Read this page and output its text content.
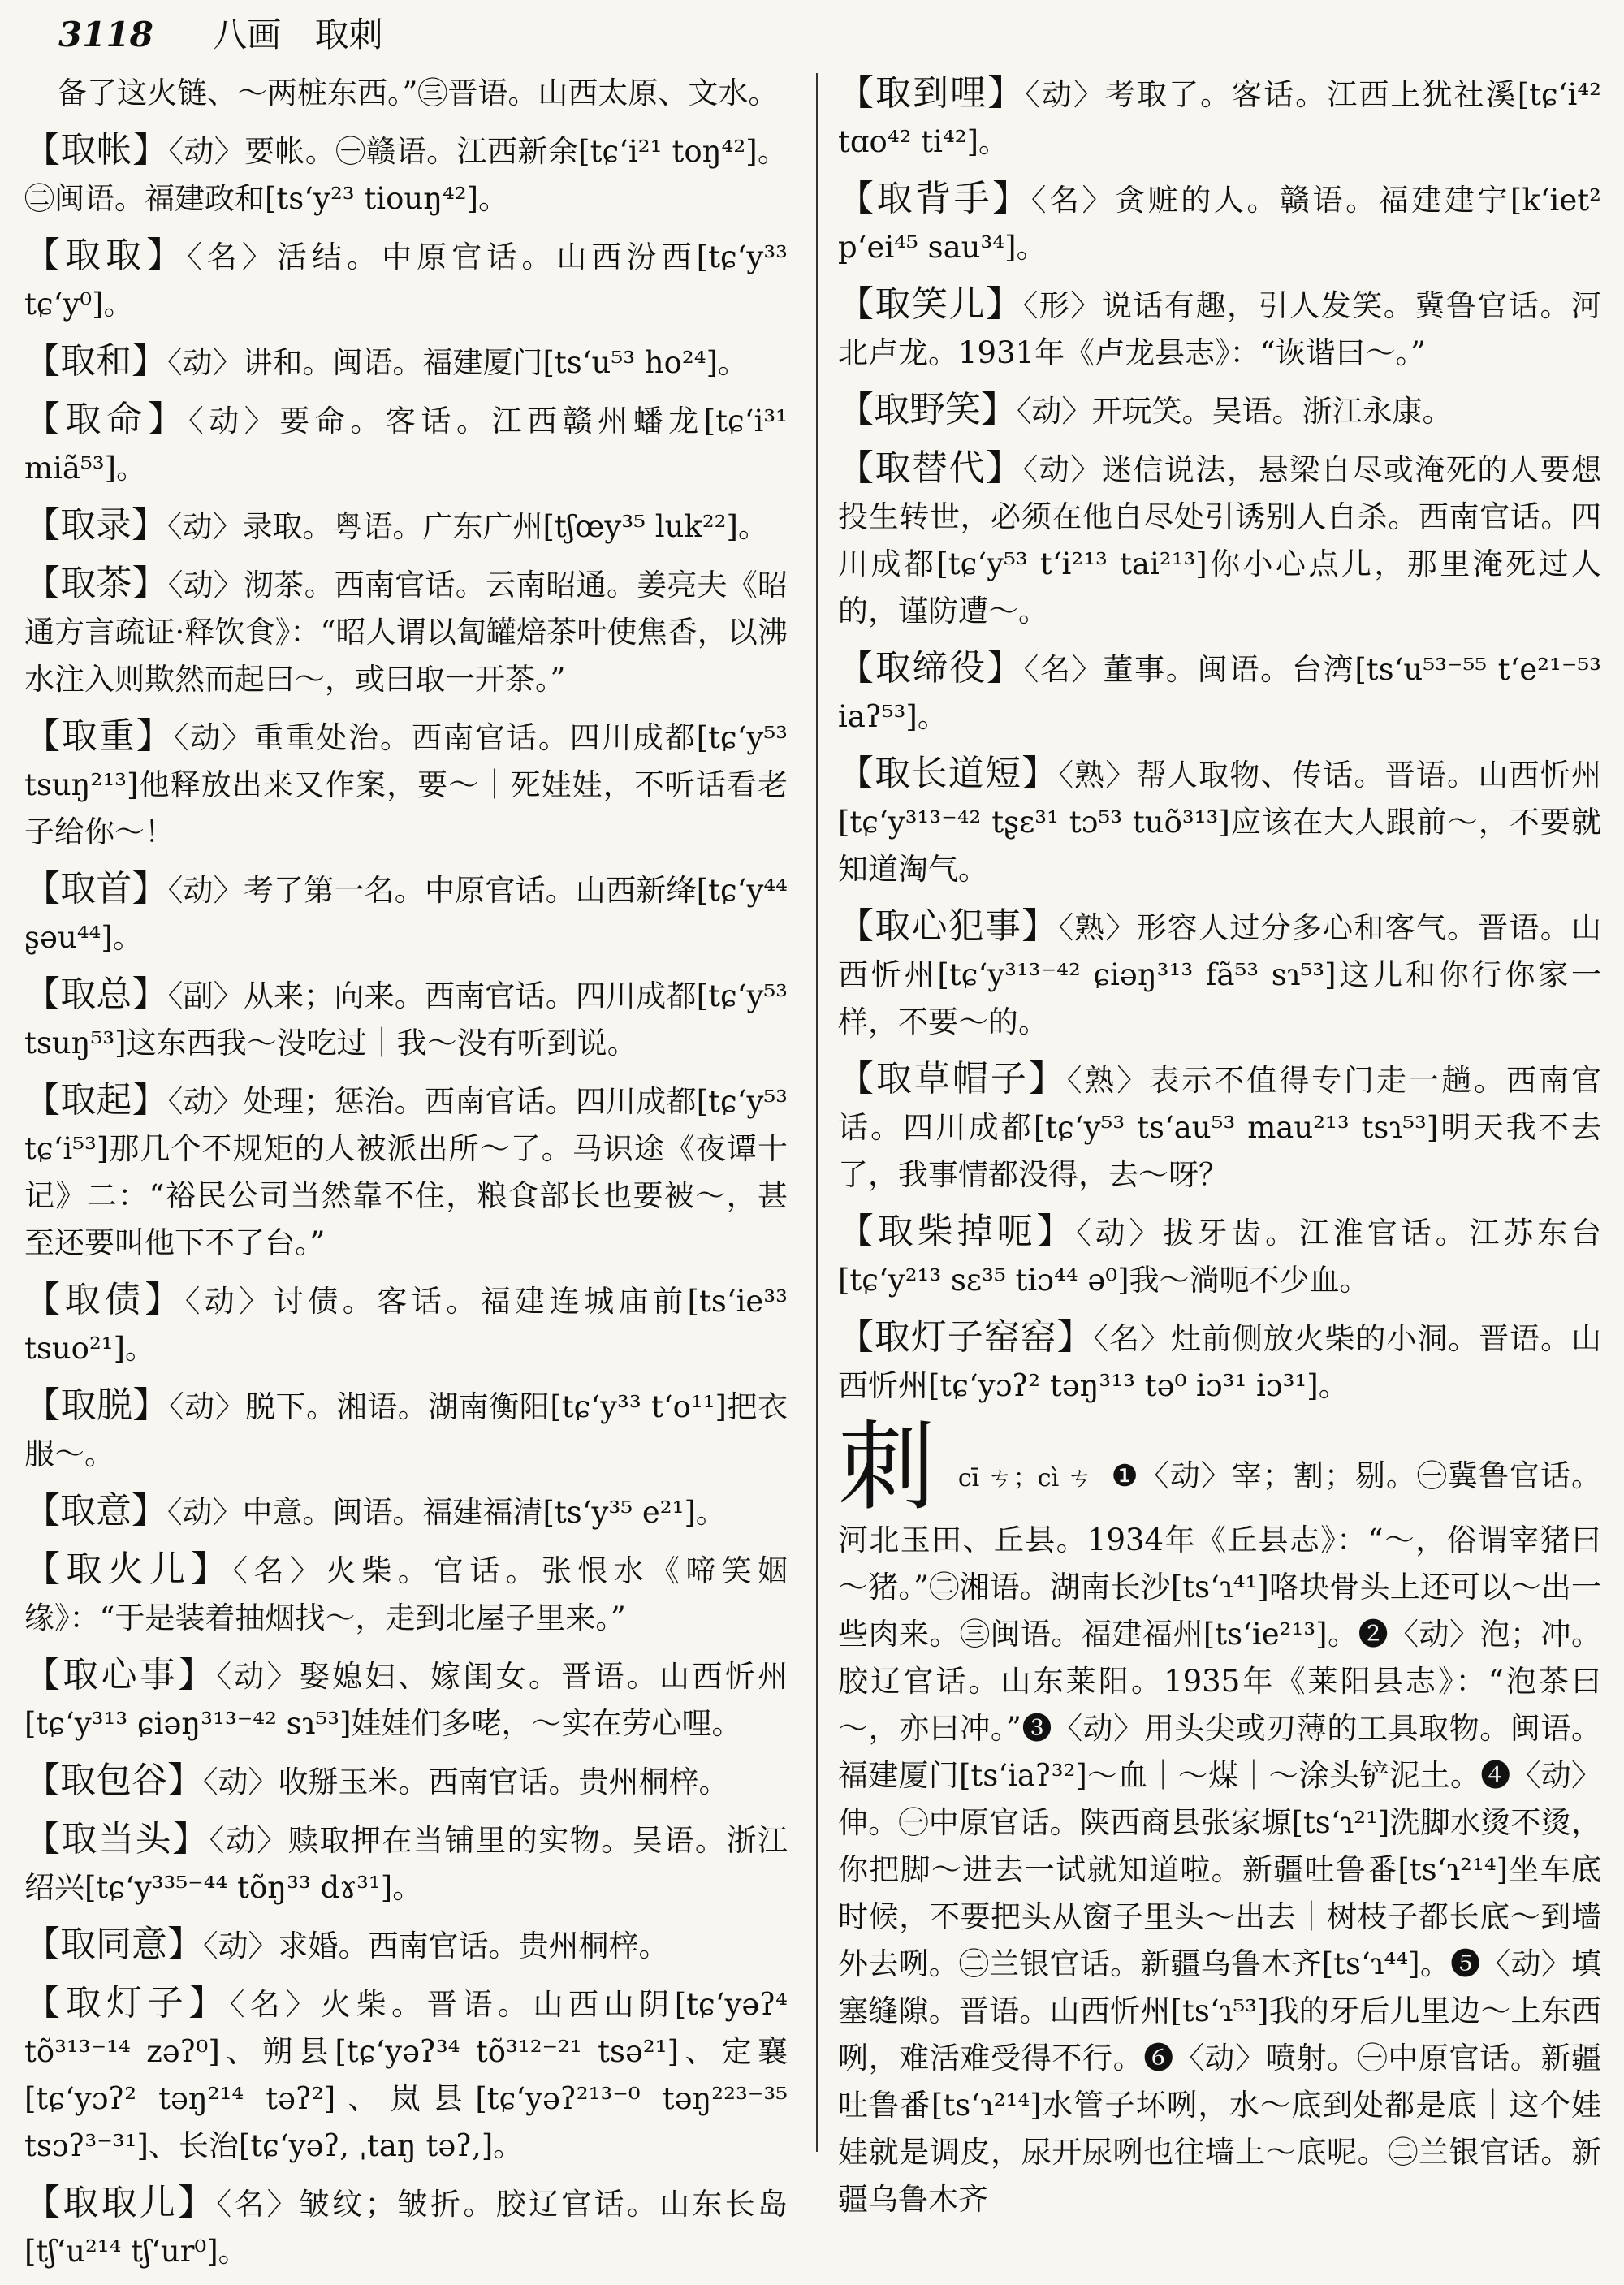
3118 八画 取刺

备了这火链、～两桩东西。”㊂晋语。山西太原、文水。

【取帐】〈动〉要帐。㊀赣语。江西新余[tɕʻi²¹ toŋ⁴²]。㊁闽语。福建政和[tsʻy²³ tiouŋ⁴²]。

【取取】〈名〉活结。中原官话。山西汾西[tɕʻy³³ tɕʻy⁰]。

【取和】〈动〉讲和。闽语。福建厦门[tsʻu⁵³ ho²⁴]。

【取命】〈动〉要命。客话。江西赣州蟠龙[tɕʻi³¹ miã⁵³]。

【取录】〈动〉录取。粤语。广东广州[tʃœy³⁵ luk²²]。

【取茶】〈动〉沏茶。西南官话。云南昭通。姜亮夫《昭通方言疏证·释饮食》：“昭人谓以匐罐焙茶叶使焦香，以沸水注入则欺然而起曰～，或曰取一开茶。”

【取重】〈动〉重重处治。西南官话。四川成都[tɕʻy⁵³ tsuŋ²¹³]他释放出来又作案，要～｜死娃娃，不听话看老子给你～！

【取首】〈动〉考了第一名。中原官话。山西新绛[tɕʻy⁴⁴ ʂəu⁴⁴]。

【取总】〈副〉从来；向来。西南官话。四川成都[tɕʻy⁵³ tsuŋ⁵³]这东西我～没吃过｜我～没有听到说。

【取起】〈动〉处理；惩治。西南官话。四川成都[tɕʻy⁵³ tɕʻi⁵³]那几个不规矩的人被派出所～了。马识途《夜谭十记》二：“裕民公司当然靠不住，粮食部长也要被～，甚至还要叫他下不了台。”

【取债】〈动〉讨债。客话。福建连城庙前[tsʻie³³ tsuo²¹]。

【取脱】〈动〉脱下。湘语。湖南衡阳[tɕʻy³³ tʻo¹¹]把衣服～。

【取意】〈动〉中意。闽语。福建福清[tsʻy³⁵ e²¹]。

【取火儿】〈名〉火柴。官话。张恨水《啼笑姻缘》：“于是装着抽烟找～，走到北屋子里来。”

【取心事】〈动〉娶媳妇、嫁闺女。晋语。山西忻州[tɕʻy³¹³ ɕiəŋ³¹³⁻⁴² sɿ⁵³]娃娃们多咾，～实在劳心哩。

【取包谷】〈动〉收掰玉米。西南官话。贵州桐梓。

【取当头】〈动〉赎取押在当铺里的实物。吴语。浙江绍兴[tɕʻy³³⁵⁻⁴⁴ tõŋ³³ dɤ³¹]。

【取同意】〈动〉求婚。西南官话。贵州桐梓。

【取灯子】〈名〉火柴。晋语。山西山阴[tɕʻyəʔ⁴ tõ³¹³⁻¹⁴ zəʔ⁰]、朔县[tɕʻyəʔ³⁴ tõ³¹²⁻²¹ tsə²¹]、定襄[tɕʻyɔʔ² təŋ²¹⁴ təʔ²]、岚县[tɕʻyəʔ²¹³⁻⁰ təŋ²²³⁻³⁵ tsɔʔ³⁻³¹]、长治[tɕʻyəʔ, ˌtaŋ təʔ,]。

【取取儿】〈名〉皱纹；皱折。胶辽官话。山东长岛[tʃʻu²¹⁴ tʃʻur⁰]。

【取到哩】〈动〉考取了。客话。江西上犹社溪[tɕʻi⁴² tɑo⁴² ti⁴²]。

【取背手】〈名〉贪赃的人。赣语。福建建宁[kʻiet² pʻei⁴⁵ sau³⁴]。

【取笑儿】〈形〉说话有趣，引人发笑。冀鲁官话。河北卢龙。1931年《卢龙县志》：“诙谐曰～。”

【取野笑】〈动〉开玩笑。吴语。浙江永康。

【取替代】〈动〉迷信说法，悬梁自尽或淹死的人要想投生转世，必须在他自尽处引诱别人自杀。西南官话。四川成都[tɕʻy⁵³ tʻi²¹³ tai²¹³]你小心点儿，那里淹死过人的，谨防遭～。

【取缔役】〈名〉董事。闽语。台湾[tsʻu⁵³⁻⁵⁵ tʻe²¹⁻⁵³ iaʔ⁵³]。

【取长道短】〈熟〉帮人取物、传话。晋语。山西忻州[tɕʻy³¹³⁻⁴² tʂɛ³¹ tɔ⁵³ tuõ³¹³]应该在大人跟前～，不要就知道淘气。

【取心犯事】〈熟〉形容人过分多心和客气。晋语。山西忻州[tɕʻy³¹³⁻⁴² ɕiəŋ³¹³ fã⁵³ sɿ⁵³]这儿和你行你家一样，不要～的。

【取草帽子】〈熟〉表示不值得专门走一趟。西南官话。四川成都[tɕʻy⁵³ tsʻau⁵³ mau²¹³ tsɿ⁵³]明天我不去了，我事情都没得，去～呀？

【取柴掉呃】〈动〉拔牙齿。江淮官话。江苏东台[tɕʻy²¹³ sɛ³⁵ tiɔ⁴⁴ ə⁰]我～淌呃不少血。

【取灯子窑窑】〈名〉灶前侧放火柴的小洞。晋语。山西忻州[tɕʻyɔʔ² təŋ³¹³ tə⁰ iɔ³¹ iɔ³¹]。

刺 cī ㄘ；cì ㄘ ❶〈动〉宰；割；剔。㊀冀鲁官话。河北玉田、丘县。1934年《丘县志》：“～，俗谓宰猪曰～猪。”㊁湘语。湖南长沙[tsʻɿ⁴¹]咯块骨头上还可以～出一些肉来。㊂闽语。福建福州[tsʻie²¹³]。❷〈动〉泡；冲。胶辽官话。山东莱阳。1935年《莱阳县志》：“泡茶曰～，亦曰冲。”❸〈动〉用头尖或刃薄的工具取物。闽语。福建厦门[tsʻiaʔ³²]～血｜～煤｜～涂头铲泥土。❹〈动〉伸。㊀中原官话。陕西商县张家塬[tsʻɿ²¹]洗脚水烫不烫，你把脚～进去一试就知道啦。新疆吐鲁番[tsʻɿ²¹⁴]坐车底时候，不要把头从窗子里头～出去｜树枝子都长底～到墙外去咧。㊁兰银官话。新疆乌鲁木齐[tsʻɿ⁴⁴]。❺〈动〉填塞缝隙。晋语。山西忻州[tsʻɿ⁵³]我的牙后儿里边～上东西咧，难活难受得不行。❻〈动〉喷射。㊀中原官话。新疆吐鲁番[tsʻɿ²¹⁴]水管子坏咧，水～底到处都是底｜这个娃娃就是调皮，尿开尿咧也往墙上～底呢。㊁兰银官话。新疆乌鲁木齐
